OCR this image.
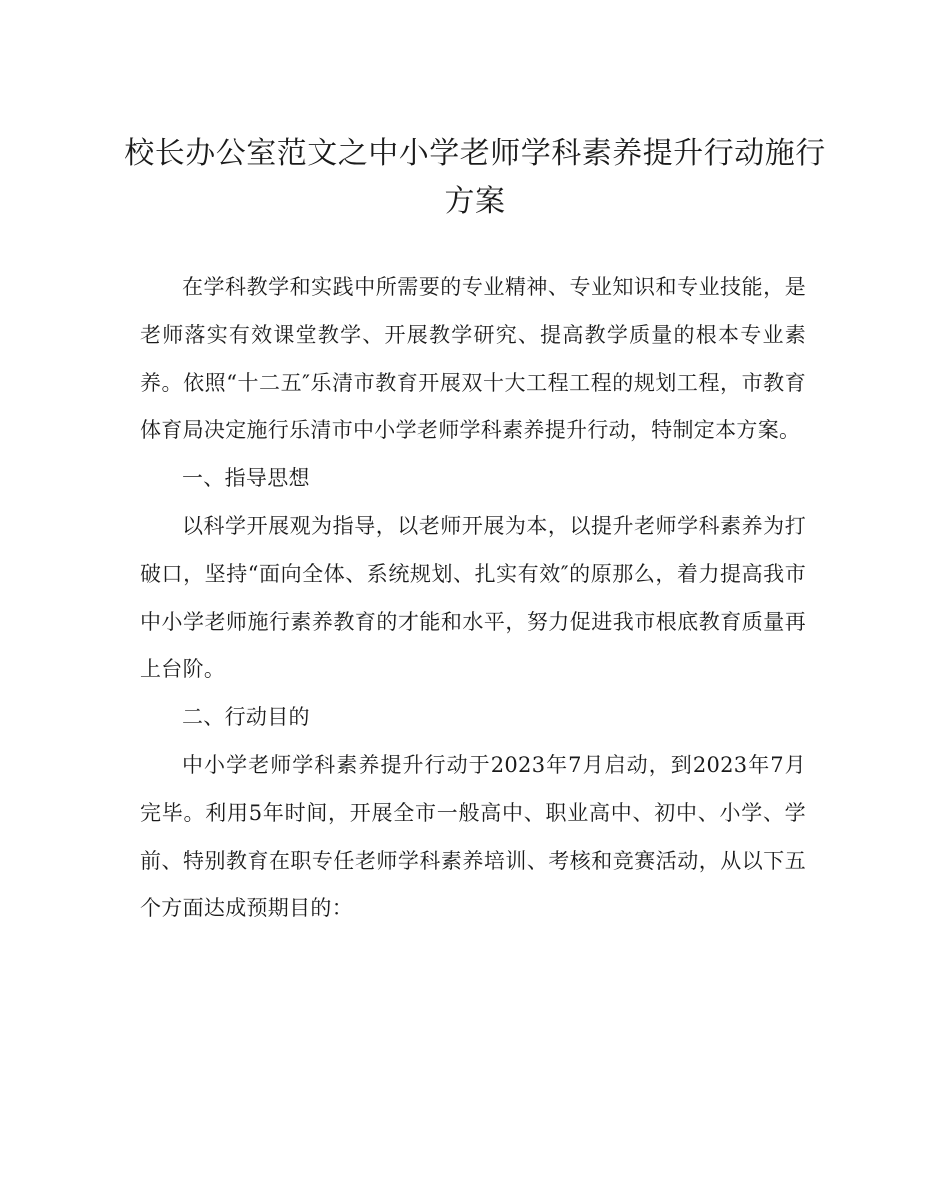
校长办公室范文之中小学老师学科素养提升行动施行方案

在学科教学和实践中所需要的专业精神、专业知识和专业技能，是老师落实有效课堂教学、开展教学研究、提高教学质量的根本专业素养。依照“十二五″乐清市教育开展双十大工程工程的规划工程，市教育体育局决定施行乐清市中小学老师学科素养提升行动，特制定本方案。

一、指导思想

以科学开展观为指导，以老师开展为本，以提升老师学科素养为打破口，坚持“面向全体、系统规划、扎实有效″的原那么，着力提高我市中小学老师施行素养教育的才能和水平，努力促进我市根底教育质量再上台阶。

二、行动目的

中小学老师学科素养提升行动于2023年7月启动，到2023年7月完毕。利用5年时间，开展全市一般高中、职业高中、初中、小学、学前、特别教育在职专任老师学科素养培训、考核和竞赛活动，从以下五个方面达成预期目的：
